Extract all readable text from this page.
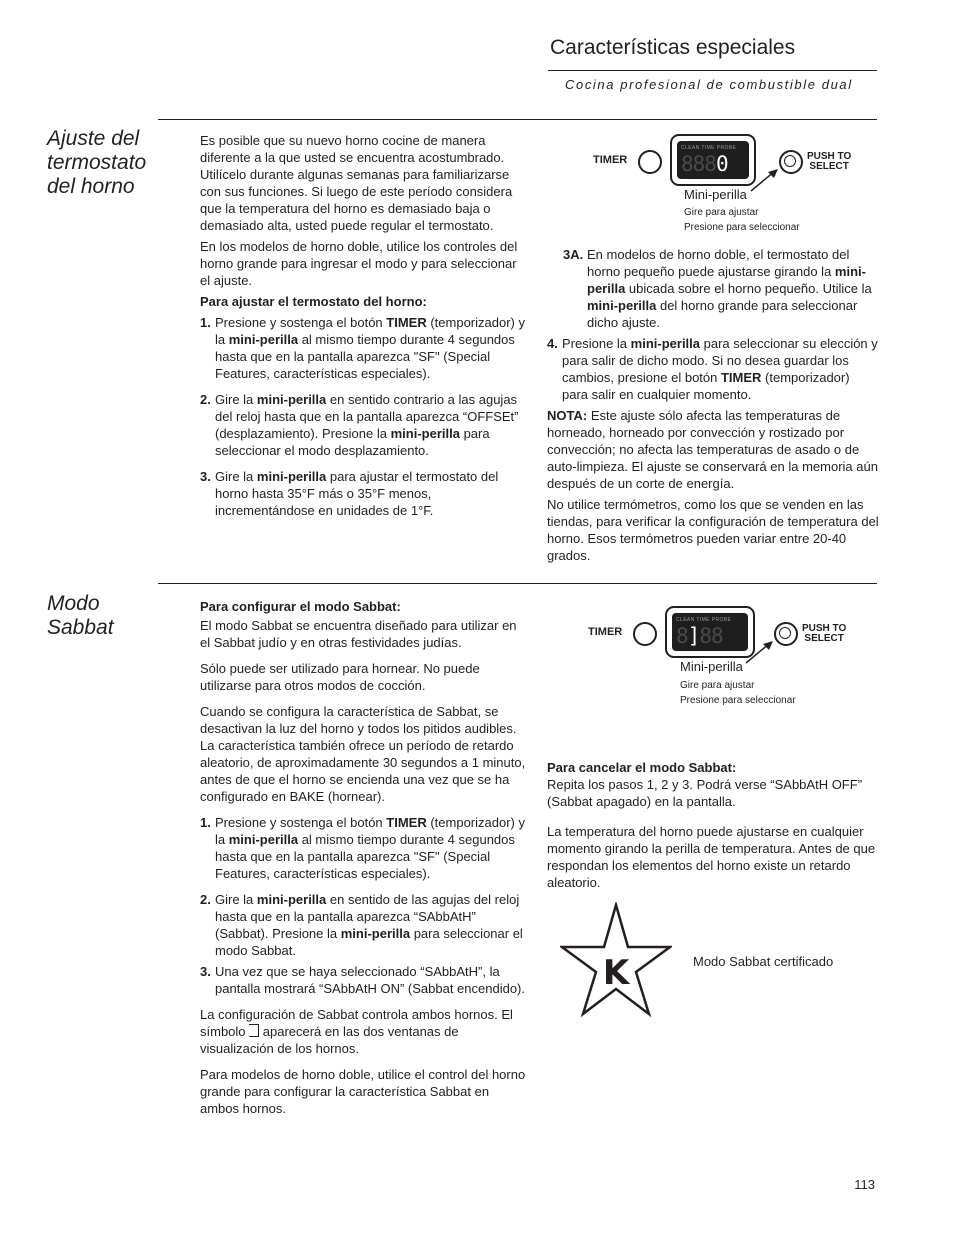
Características especiales
Cocina profesional de combustible dual
Ajuste del termostato del horno

Es posible que su nuevo horno cocine de manera diferente a la que usted se encuentra acostumbrado. Utilícelo durante algunas semanas para familiarizarse con sus funciones. Si luego de este período considera que la temperatura del horno es demasiado baja o demasiado alta, usted puede regular el termostato.

En los modelos de horno doble, utilice los controles del horno grande para ingresar el modo y para seleccionar el ajuste.

Para ajustar el termostato del horno:

1. Presione y sostenga el botón TIMER (temporizador) y la mini-perilla al mismo tiempo durante 4 segundos hasta que en la pantalla aparezca "SF" (Special Features, características especiales).
2. Gire la mini-perilla en sentido contrario a las agujas del reloj hasta que en la pantalla aparezca “OFFSEt” (desplazamiento). Presione la mini-perilla para seleccionar el modo desplazamiento.
3. Gire la mini-perilla para ajustar el termostato del horno hasta 35°F más o 35°F menos, incrementándose en unidades de 1°F.
TIMER
CLEAN TIME PROBE
8880	PUSH TO
SELECT
Mini-perilla
Gire para ajustar
Presione para seleccionar
3A. En modelos de horno doble, el termostato del horno pequeño puede ajustarse girando la mini-perilla ubicada sobre el horno pequeño. Utilice la mini-perilla del horno grande para seleccionar dicho ajuste.
4. Presione la mini-perilla para seleccionar su elección y para salir de dicho modo. Si no desea guardar los cambios, presione el botón TIMER (temporizador) para salir en cualquier momento.

NOTA: Este ajuste sólo afecta las temperaturas de horneado, horneado por convección y rostizado por convección; no afecta las temperaturas de asado o de auto-limpieza. El ajuste se conservará en la memoria aún después de un corte de energía.

No utilice termómetros, como los que se venden en las tiendas, para verificar la configuración de temperatura del horno. Esos termómetros pueden variar entre 20-40 grados.

Modo Sabbat

Para configurar el modo Sabbat:

El modo Sabbat se encuentra diseñado para utilizar en el Sabbat judío y en otras festividades judías.

Sólo puede ser utilizado para hornear. No puede utilizarse para otros modos de cocción.

Cuando se configura la característica de Sabbat, se desactivan la luz del horno y todos los pitidos audibles. La característica también ofrece un período de retardo aleatorio, de aproximadamente 30 segundos a 1 minuto, antes de que el horno se encienda una vez que se ha configurado en BAKE (hornear).

1. Presione y sostenga el botón TIMER (temporizador) y la mini-perilla al mismo tiempo durante 4 segundos hasta que en la pantalla aparezca "SF" (Special Features, características especiales).
2. Gire la mini-perilla en sentido de las agujas del reloj hasta que en la pantalla aparezca “SAbbAtH” (Sabbat). Presione la mini-perilla para seleccionar el modo Sabbat.
3. Una vez que se haya seleccionado “SAbbAtH”, la pantalla mostrará “SAbbAtH ON” (Sabbat encendido).

La configuración de Sabbat controla ambos hornos. El símbolo  aparecerá en las dos ventanas de visualización de los hornos.

Para modelos de horno doble, utilice el control del horno grande para configurar la característica Sabbat en ambos hornos.

TIMER
CLEAN TIME PROBE
8]88	PUSH TO
SELECT
Mini-perilla
Gire para ajustar
Presione para seleccionar

Para cancelar el modo Sabbat:

Repita los pasos 1, 2 y 3. Podrá verse “SAbbAtH OFF” (Sabbat apagado) en la pantalla.

La temperatura del horno puede ajustarse en cualquier momento girando la perilla de temperatura. Antes de que respondan los elementos del horno existe un retardo aleatorio.

K	Modo Sabbat certificado
113
